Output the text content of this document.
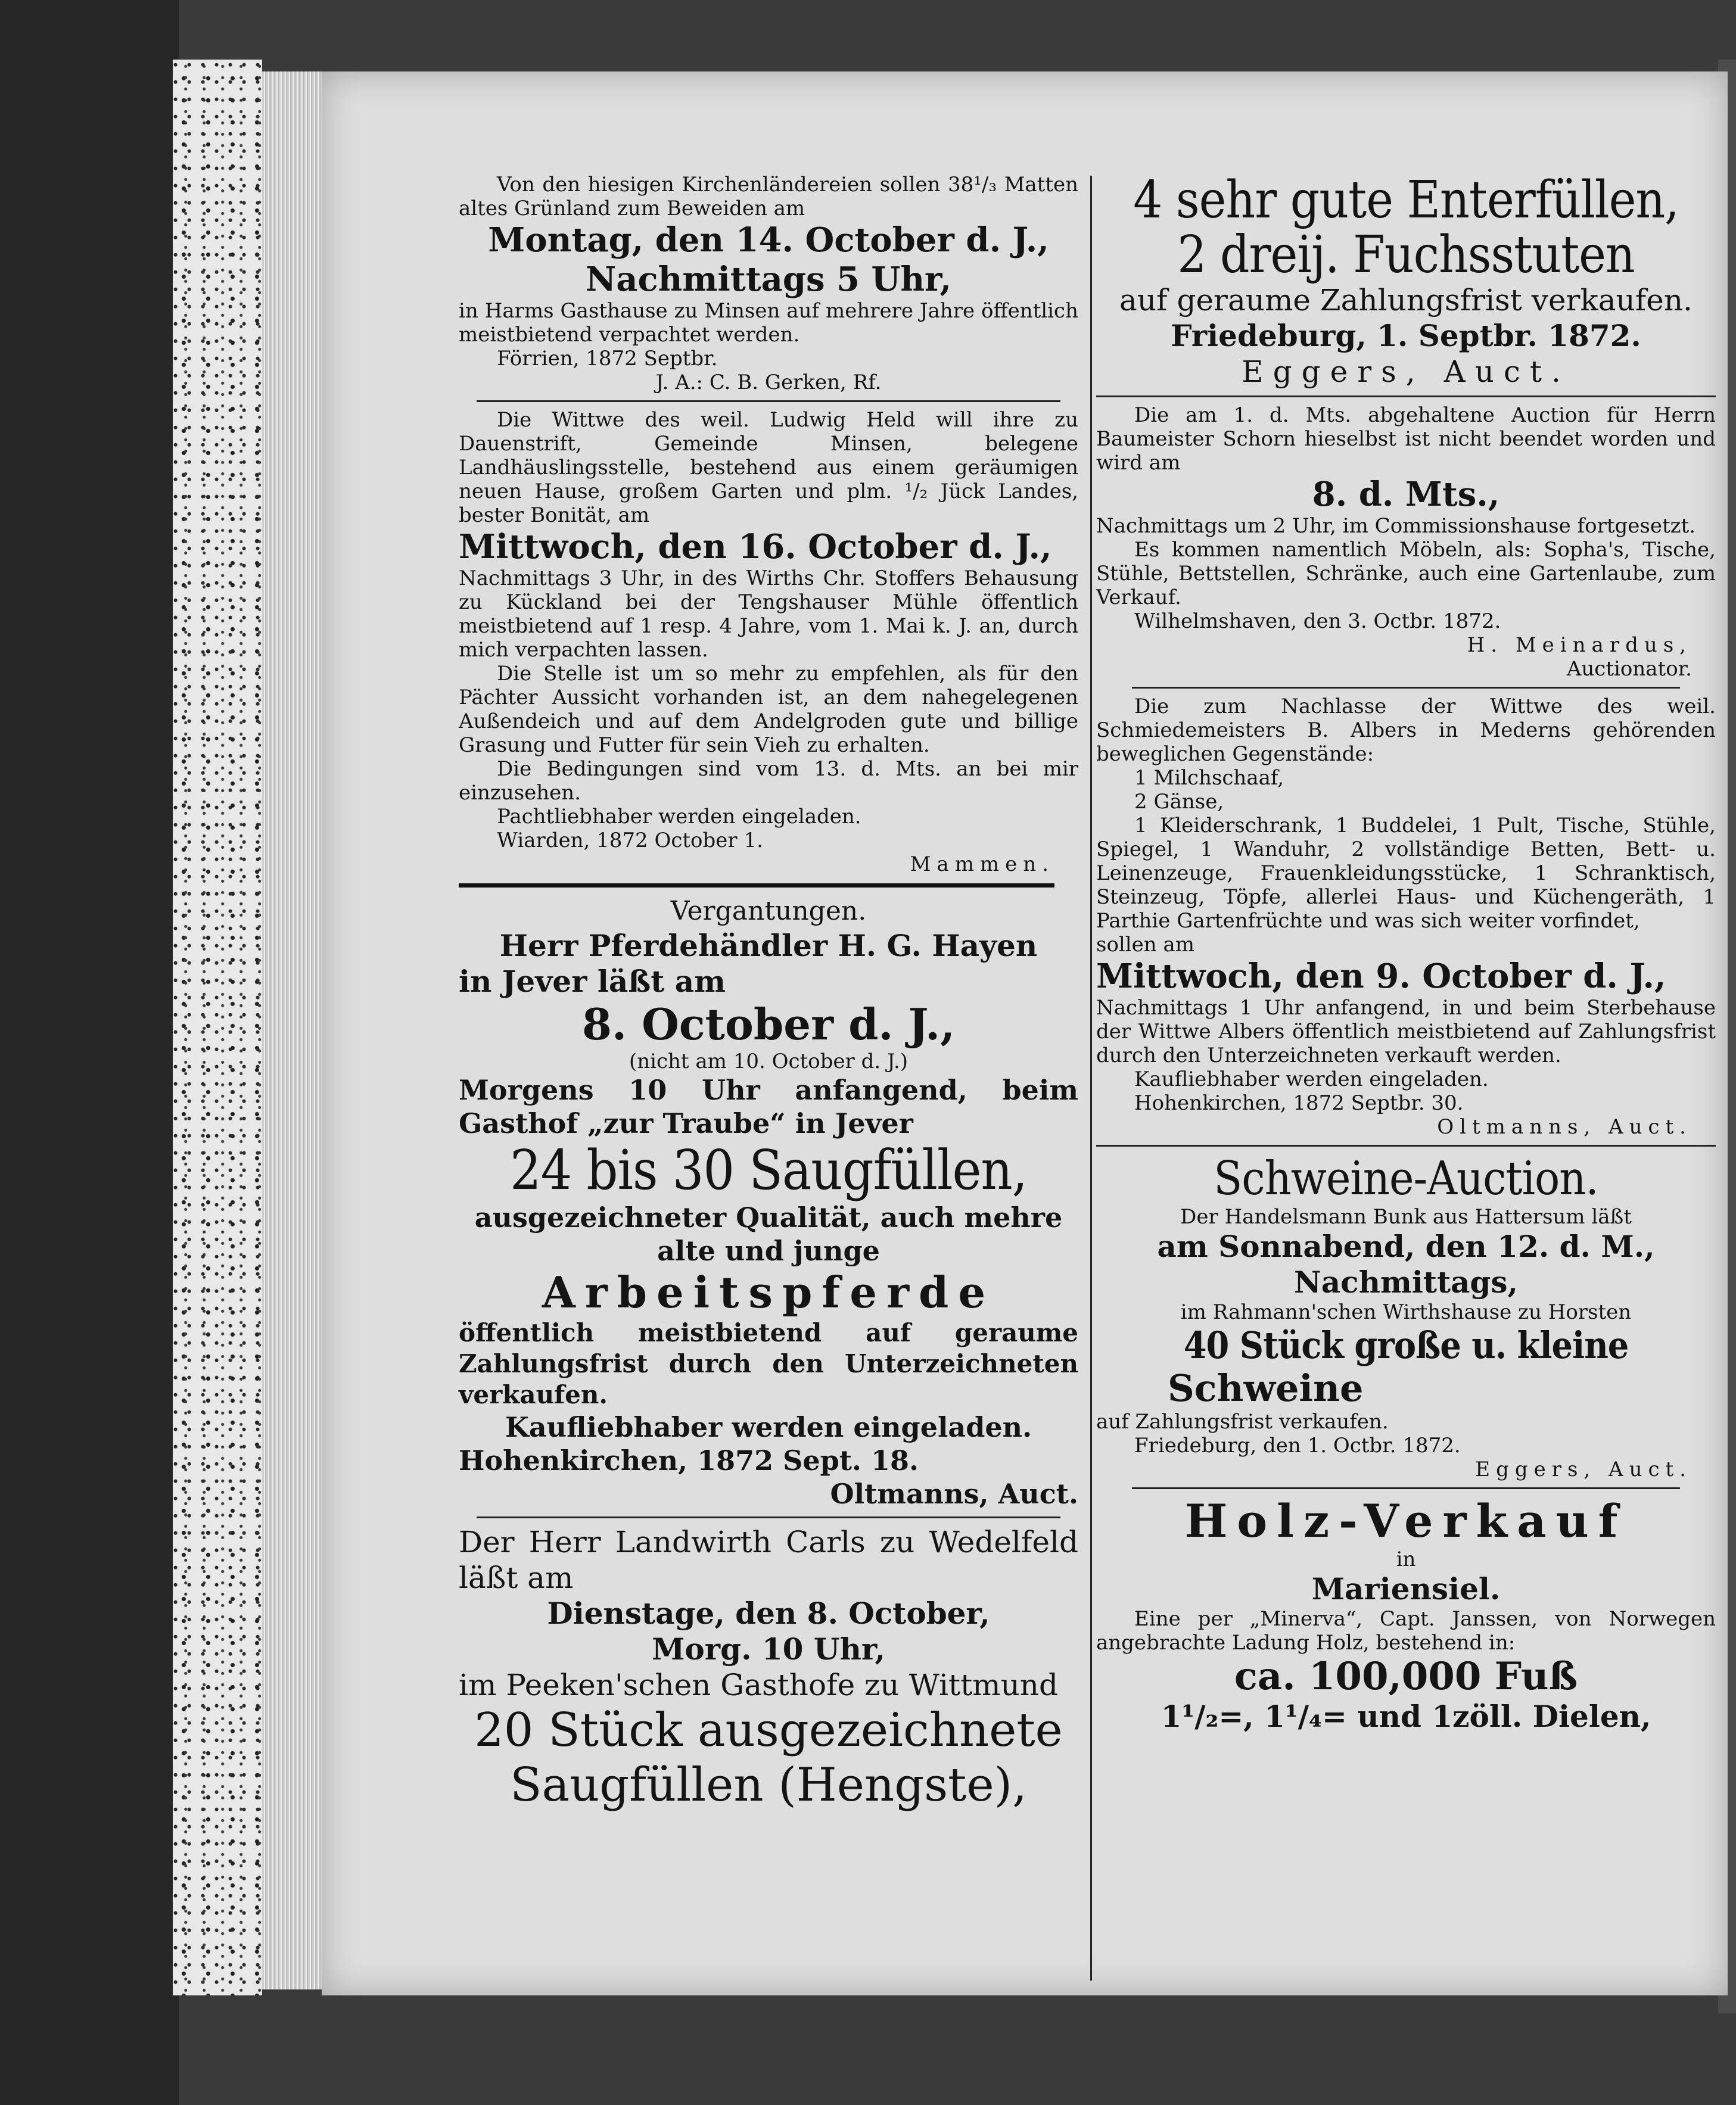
Von den hiesigen Kirchenländereien sollen 38¹/₃ Matten altes Grünland zum Beweiden am

Montag, den 14. October d. J.,

Nachmittags 5 Uhr,

in Harms Gasthause zu Minsen auf mehrere Jahre öffentlich meistbietend verpachtet werden.

Förrien, 1872 Septbr.

J. A.: C. B. Gerken, Rf.

Die Wittwe des weil. Ludwig Held will ihre zu Dauenstrift, Gemeinde Minsen, belegene Landhäuslingsstelle, bestehend aus einem geräumigen neuen Hause, großem Garten und plm. ¹/₂ Jück Landes, bester Bonität, am

Mittwoch, den 16. October d. J.,

Nachmittags 3 Uhr, in des Wirths Chr. Stoffers Behausung zu Kückland bei der Tengshauser Mühle öffentlich meistbietend auf 1 resp. 4 Jahre, vom 1. Mai k. J. an, durch mich verpachten lassen.

Die Stelle ist um so mehr zu empfehlen, als für den Pächter Aussicht vorhanden ist, an dem nahegelegenen Außendeich und auf dem Andelgroden gute und billige Grasung und Futter für sein Vieh zu erhalten.

Die Bedingungen sind vom 13. d. Mts. an bei mir einzusehen.

Pachtliebhaber werden eingeladen.

Wiarden, 1872 October 1.

Mammen.

Vergantungen.

Herr Pferdehändler H. G. Hayen

in Jever läßt am

8. October d. J.,

(nicht am 10. October d. J.)

Morgens 10 Uhr anfangend, beim Gasthof „zur Traube“ in Jever

24 bis 30 Saugfüllen,

ausgezeichneter Qualität, auch mehre alte und junge

Arbeitspferde

öffentlich meistbietend auf geraume Zahlungsfrist durch den Unterzeichneten verkaufen.

Kaufliebhaber werden eingeladen.

Hohenkirchen, 1872 Sept. 18.

Oltmanns, Auct.

Der Herr Landwirth Carls zu Wedelfeld läßt am

Dienstage, den 8. October,

Morg. 10 Uhr,

im Peeken'schen Gasthofe zu Wittmund

20 Stück ausgezeichnete Saugfüllen (Hengste),

4 sehr gute Enterfüllen,

2 dreij. Fuchsstuten

auf geraume Zahlungsfrist verkaufen.

Friedeburg, 1. Septbr. 1872.

Eggers, Auct.

Die am 1. d. Mts. abgehaltene Auction für Herrn Baumeister Schorn hieselbst ist nicht beendet worden und wird am

8. d. Mts.,

Nachmittags um 2 Uhr, im Commissionshause fortgesetzt.

Es kommen namentlich Möbeln, als: Sopha's, Tische, Stühle, Bettstellen, Schränke, auch eine Gartenlaube, zum Verkauf.

Wilhelmshaven, den 3. Octbr. 1872.

H. Meinardus,

Auctionator.

Die zum Nachlasse der Wittwe des weil. Schmiedemeisters B. Albers in Mederns gehörenden beweglichen Gegenstände:

1 Milchschaaf,

2 Gänse,

1 Kleiderschrank, 1 Buddelei, 1 Pult, Tische, Stühle, Spiegel, 1 Wanduhr, 2 vollständige Betten, Bett- u. Leinenzeuge, Frauenkleidungsstücke, 1 Schranktisch, Steinzeug, Töpfe, allerlei Haus- und Küchengeräth, 1 Parthie Gartenfrüchte und was sich weiter vorfindet,

sollen am

Mittwoch, den 9. October d. J.,

Nachmittags 1 Uhr anfangend, in und beim Sterbehause der Wittwe Albers öffentlich meistbietend auf Zahlungsfrist durch den Unterzeichneten verkauft werden.

Kaufliebhaber werden eingeladen.

Hohenkirchen, 1872 Septbr. 30.

Oltmanns, Auct.

Schweine-Auction.

Der Handelsmann Bunk aus Hattersum läßt

am Sonnabend, den 12. d. M.,

Nachmittags,

im Rahmann'schen Wirthshause zu Horsten

40 Stück große u. kleine

Schweine

auf Zahlungsfrist verkaufen.

Friedeburg, den 1. Octbr. 1872.

Eggers, Auct.

Holz-Verkauf

in

Mariensiel.

Eine per „Minerva“, Capt. Janssen, von Norwegen angebrachte Ladung Holz, bestehend in:

ca. 100,000 Fuß

1¹/₂=, 1¹/₄= und 1zöll. Dielen,
